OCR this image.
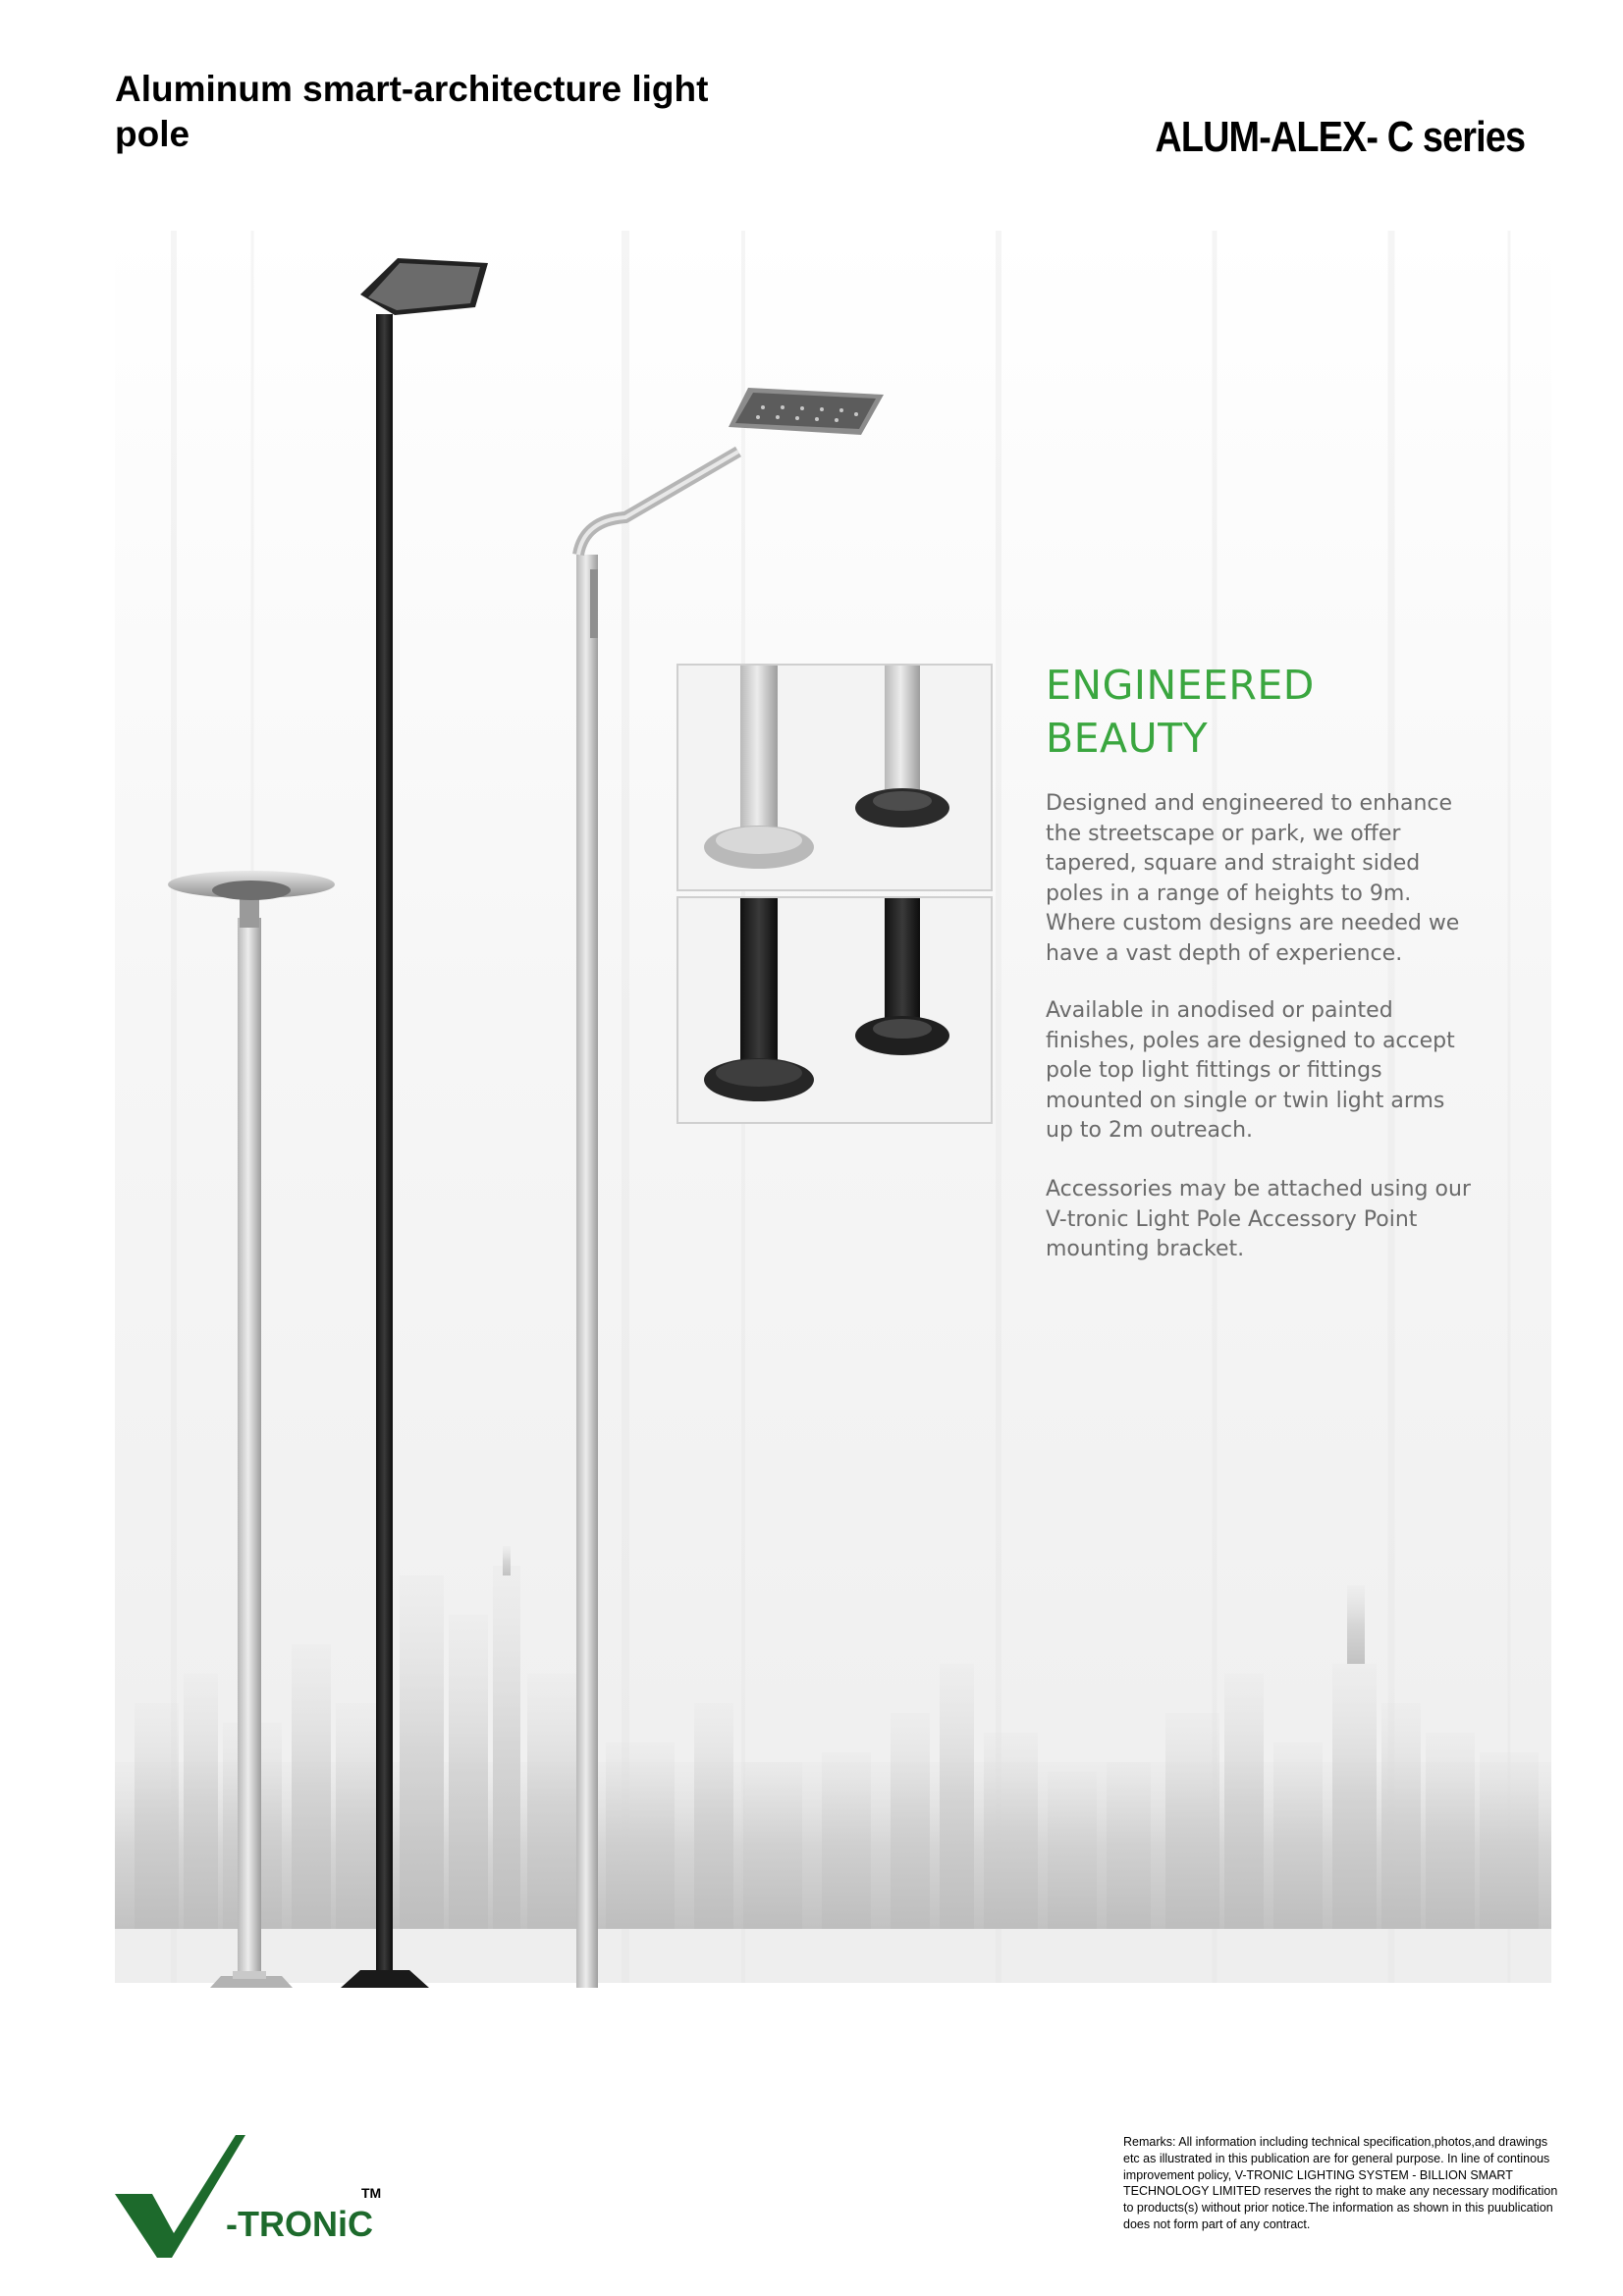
Aluminum smart-architecture light pole	ALUM-ALEX- C series
ENGINEERED
BEAUTY
Designed and engineered to enhance the streetscape or park, we offer tapered, square and straight sided poles in a range of heights to 9m. Where custom designs are needed we have a vast depth of experience.
Available in anodised or painted finishes, poles are designed to accept pole top light fittings or fittings mounted on single or twin light arms up to 2m outreach.
Accessories may be attached using our V-tronic Light Pole Accessory Point mounting bracket.
-TRONiC
TM
Remarks: All information including technical specification,photos,and drawings etc as illustrated in this publication are for general purpose. In line of continous improvement policy, V-TRONIC LIGHTING SYSTEM - BILLION SMART TECHNOLOGY LIMITED reserves the right to make any necessary modification to products(s) without prior notice.The information as shown in this puublication does not form part of any contract.
